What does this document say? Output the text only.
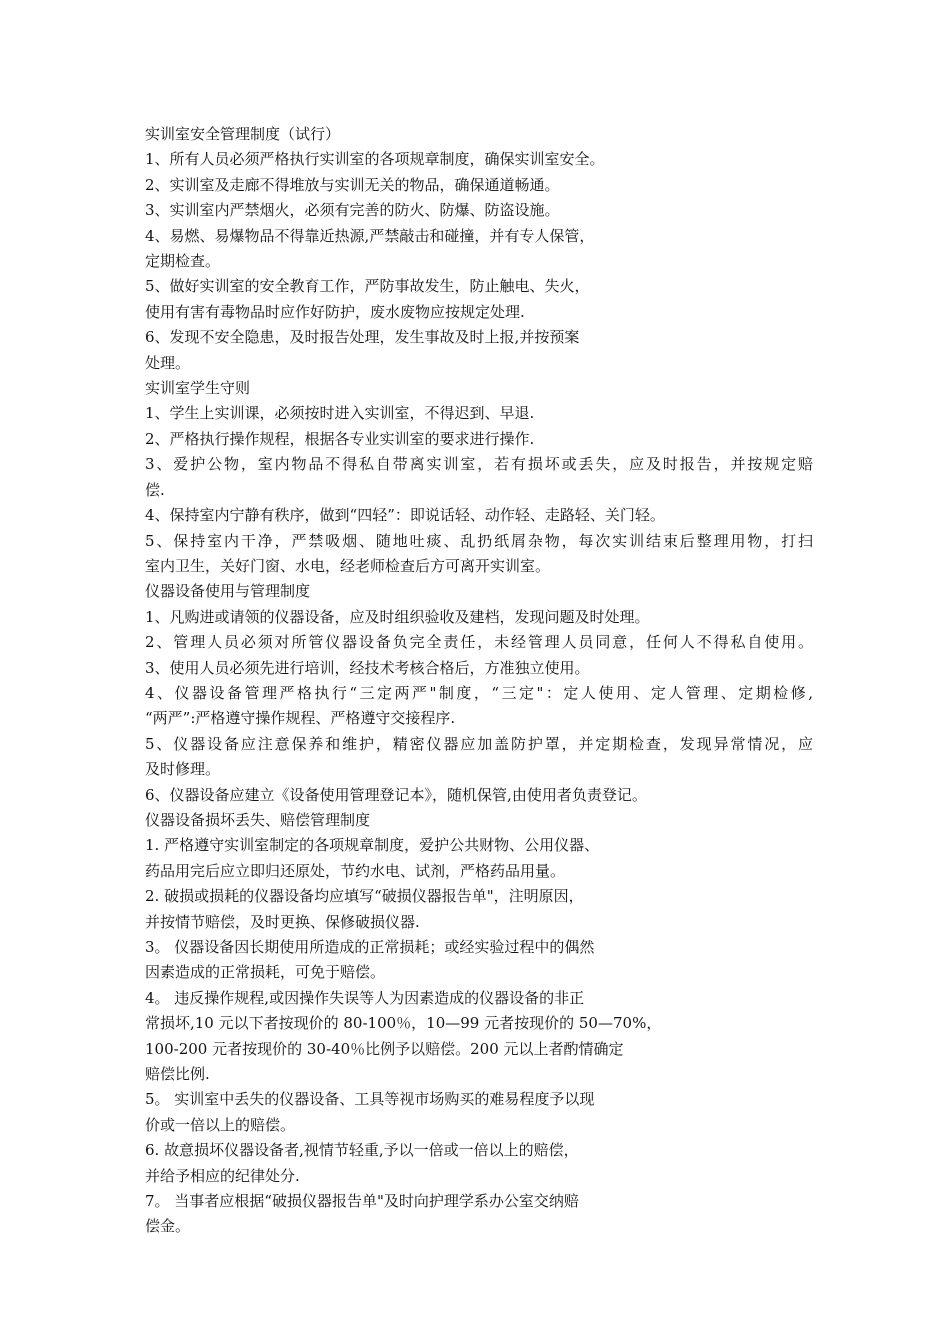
实训室安全管理制度（试行）

1、所有人员必须严格执行实训室的各项规章制度，确保实训室安全。

2、实训室及走廊不得堆放与实训无关的物品，确保通道畅通。

3、实训室内严禁烟火，必须有完善的防火、防爆、防盗设施。

4、易燃、易爆物品不得靠近热源,严禁敲击和碰撞，并有专人保管，

定期检查。

5、做好实训室的安全教育工作，严防事故发生，防止触电、失火，

使用有害有毒物品时应作好防护，废水废物应按规定处理.

6、发现不安全隐患，及时报告处理，发生事故及时上报,并按预案

处理。

实训室学生守则

1、学生上实训课，必须按时进入实训室，不得迟到、早退.

2、严格执行操作规程，根据各专业实训室的要求进行操作.

3、爱护公物，室内物品不得私自带离实训室，若有损坏或丢失，应及时报告，并按规定赔

偿.

4、保持室内宁静有秩序，做到“四轻”：即说话轻、动作轻、走路轻、关门轻。

5、保持室内干净，严禁吸烟、随地吐痰、乱扔纸屑杂物，每次实训结束后整理用物，打扫

室内卫生，关好门窗、水电，经老师检查后方可离开实训室。

仪器设备使用与管理制度

1、凡购进或请领的仪器设备，应及时组织验收及建档，发现问题及时处理。

2、管理人员必须对所管仪器设备负完全责任，未经管理人员同意，任何人不得私自使用。

3、使用人员必须先进行培训，经技术考核合格后，方准独立使用。

4、仪器设备管理严格执行“三定两严"制度，“三定"：定人使用、定人管理、定期检修,

“两严”:严格遵守操作规程、严格遵守交接程序.

5、仪器设备应注意保养和维护，精密仪器应加盖防护罩，并定期检查，发现异常情况，应

及时修理。

6、仪器设备应建立《设备使用管理登记本》，随机保管,由使用者负责登记。

仪器设备损坏丢失、赔偿管理制度

1. 严格遵守实训室制定的各项规章制度，爱护公共财物、公用仪器、

药品用完后应立即归还原处，节约水电、试剂，严格药品用量。

2. 破损或损耗的仪器设备均应填写“破损仪器报告单"，注明原因，

并按情节赔偿，及时更换、保修破损仪器.

3。 仪器设备因长期使用所造成的正常损耗；或经实验过程中的偶然

因素造成的正常损耗，可免于赔偿。

4。 违反操作规程,或因操作失误等人为因素造成的仪器设备的非正

常损坏,10 元以下者按现价的 80-100％，10—99 元者按现价的 50—70%，

100-200 元者按现价的 30-40％比例予以赔偿。200 元以上者酌情确定

赔偿比例.

5。 实训室中丢失的仪器设备、工具等视市场购买的难易程度予以现

价或一倍以上的赔偿。

6. 故意损坏仪器设备者,视情节轻重,予以一倍或一倍以上的赔偿，

并给予相应的纪律处分.

7。 当事者应根据“破损仪器报告单"及时向护理学系办公室交纳赔

偿金。
